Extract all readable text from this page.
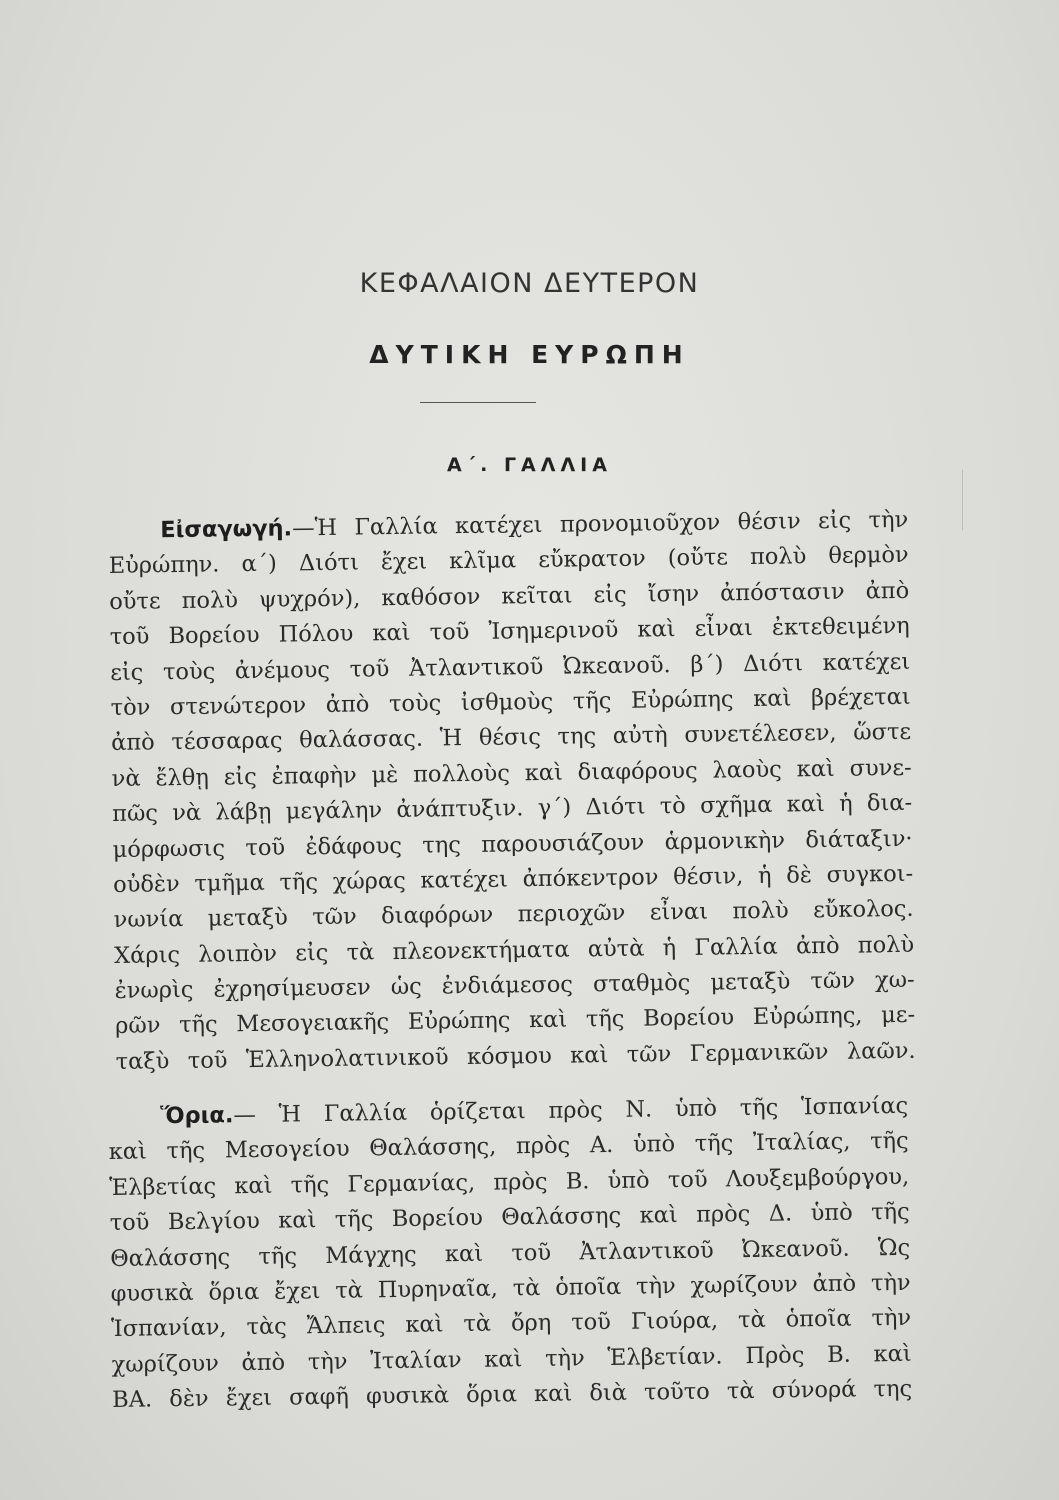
ΚΕΦΑΛΑΙΟΝ ΔΕΥΤΕΡΟΝ
ΔΥΤΙΚΗ ΕΥΡΩΠΗ
Α΄. ΓΑΛΛΙΑ
Εἰσαγωγή.—Ἡ Γαλλία κατέχει προνομιοῦχον θέσιν εἰς τὴν
Εὐρώπην. α΄) Διότι ἔχει κλῖμα εὔκρατον (οὔτε πολὺ θερμὸν
οὔτε πολὺ ψυχρόν), καθόσον κεῖται εἰς ἴσην ἀπόστασιν ἀπὸ
τοῦ Βορείου Πόλου καὶ τοῦ Ἰσημερινοῦ καὶ εἶναι ἐκτεθειμένη
εἰς τοὺς ἀνέμους τοῦ Ἀτλαντικοῦ Ὠκεανοῦ. β΄) Διότι κατέχει
τὸν στενώτερον ἀπὸ τοὺς ἰσθμοὺς τῆς Εὐρώπης καὶ βρέχεται
ἀπὸ τέσσαρας θαλάσσας. Ἡ θέσις της αὐτὴ συνετέλεσεν, ὥστε
νὰ ἔλθῃ εἰς ἐπαφὴν μὲ πολλοὺς καὶ διαφόρους λαοὺς καὶ συνε-
πῶς νὰ λάβῃ μεγάλην ἀνάπτυξιν. γ΄) Διότι τὸ σχῆμα καὶ ἡ δια-
μόρφωσις τοῦ ἐδάφους της παρουσιάζουν ἁρμονικὴν διάταξιν·
οὐδὲν τμῆμα τῆς χώρας κατέχει ἀπόκεντρον θέσιν, ἡ δὲ συγκοι-
νωνία μεταξὺ τῶν διαφόρων περιοχῶν εἶναι πολὺ εὔκολος.
Χάρις λοιπὸν εἰς τὰ πλεονεκτήματα αὐτὰ ἡ Γαλλία ἀπὸ πολὺ
ἐνωρὶς ἐχρησίμευσεν ὡς ἐνδιάμεσος σταθμὸς μεταξὺ τῶν χω-
ρῶν τῆς Μεσογειακῆς Εὐρώπης καὶ τῆς Βορείου Εὐρώπης, με-
ταξὺ τοῦ Ἑλληνολατινικοῦ κόσμου καὶ τῶν Γερμανικῶν λαῶν.
Ὅρια.— Ἡ Γαλλία ὁρίζεται πρὸς Ν. ὑπὸ τῆς Ἱσπανίας
καὶ τῆς Μεσογείου Θαλάσσης, πρὸς Α. ὑπὸ τῆς Ἰταλίας, τῆς
Ἑλβετίας καὶ τῆς Γερμανίας, πρὸς Β. ὑπὸ τοῦ Λουξεμβούργου,
τοῦ Βελγίου καὶ τῆς Βορείου Θαλάσσης καὶ πρὸς Δ. ὑπὸ τῆς
Θαλάσσης τῆς Μάγχης καὶ τοῦ Ἀτλαντικοῦ Ὠκεανοῦ. Ὡς
φυσικὰ ὅρια ἔχει τὰ Πυρηναῖα, τὰ ὁποῖα τὴν χωρίζουν ἀπὸ τὴν
Ἱσπανίαν, τὰς Ἄλπεις καὶ τὰ ὄρη τοῦ Γιούρα, τὰ ὁποῖα τὴν
χωρίζουν ἀπὸ τὴν Ἰταλίαν καὶ τὴν Ἑλβετίαν. Πρὸς Β. καὶ
ΒΑ. δὲν ἔχει σαφῆ φυσικὰ ὅρια καὶ διὰ τοῦτο τὰ σύνορά της
